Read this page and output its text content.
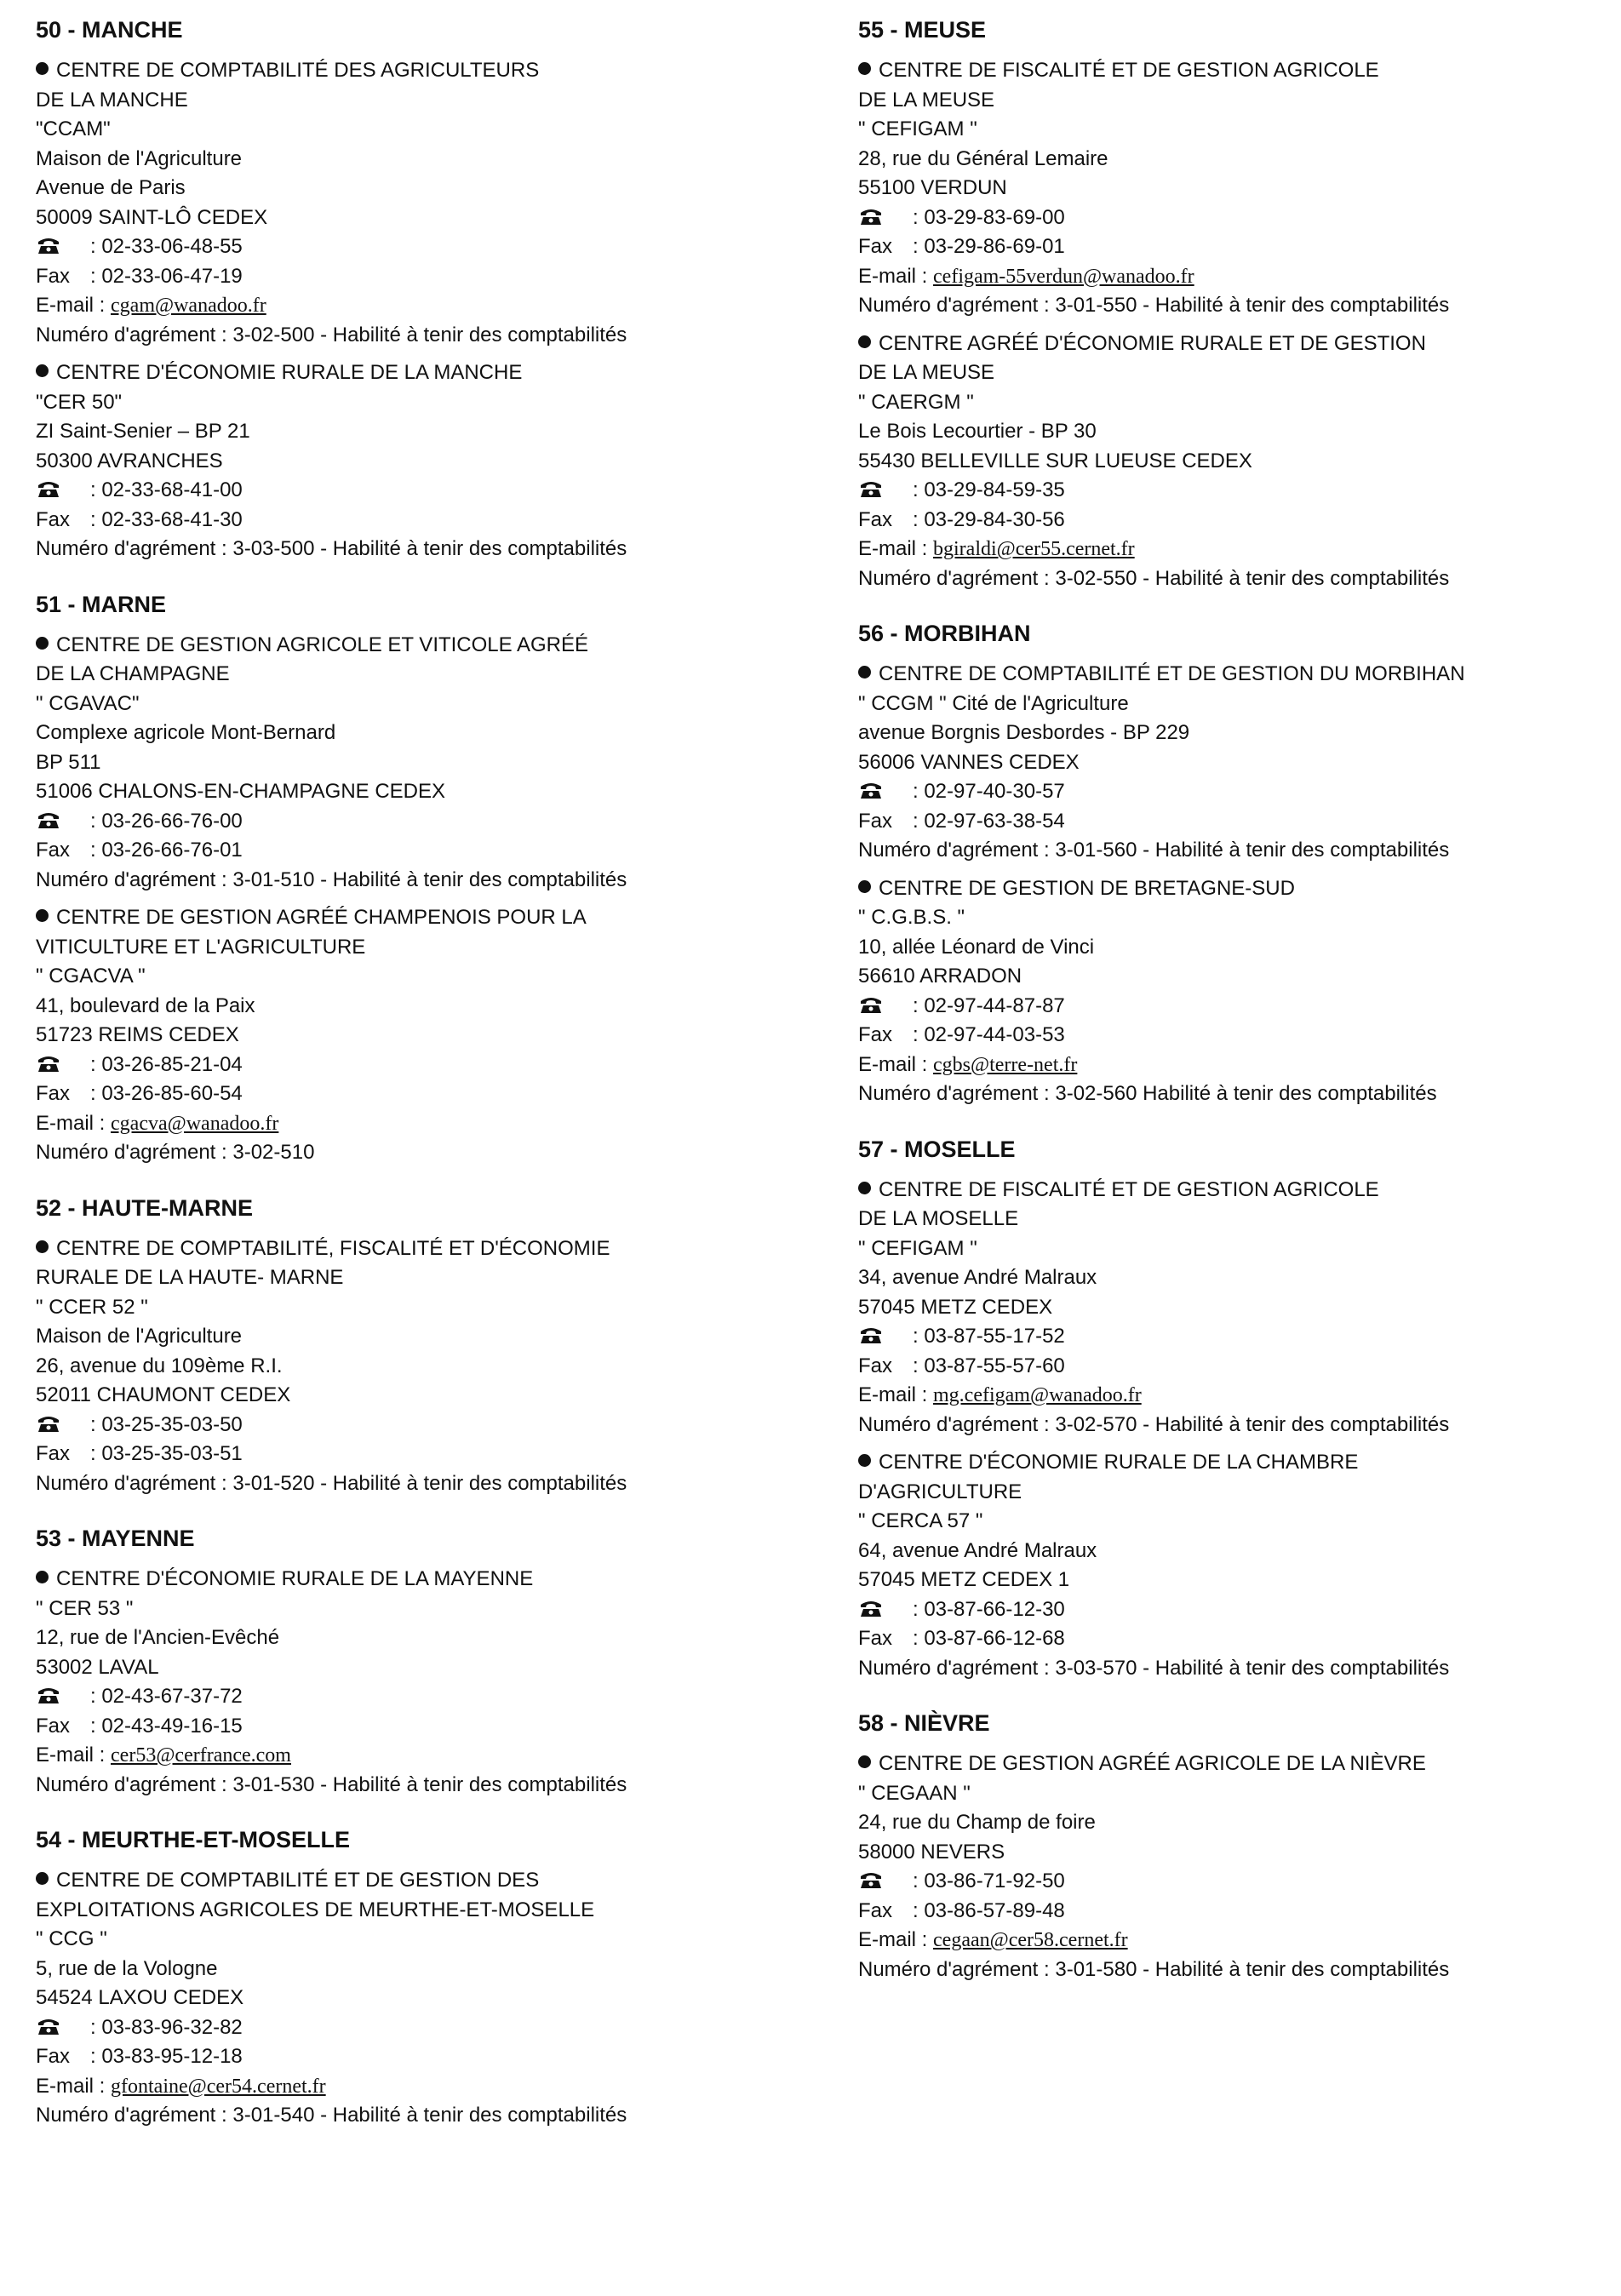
50 - MANCHE
CENTRE DE COMPTABILITÉ DES AGRICULTEURS
DE LA MANCHE
"CCAM"
Maison de l'Agriculture
Avenue de Paris
50009 SAINT-LÔ CEDEX
: 02-33-06-48-55
Fax : 02-33-06-47-19
E-mail : cgam@wanadoo.fr
Numéro d'agrément : 3-02-500 - Habilité à tenir des comptabilités
CENTRE D'ÉCONOMIE RURALE DE LA MANCHE
"CER 50"
ZI Saint-Senier – BP 21
50300 AVRANCHES
: 02-33-68-41-00
Fax : 02-33-68-41-30
Numéro d'agrément : 3-03-500 - Habilité à tenir des comptabilités
51 - MARNE
CENTRE DE GESTION AGRICOLE ET VITICOLE AGRÉÉ
DE LA CHAMPAGNE
" CGAVAC"
Complexe agricole Mont-Bernard
BP 511
51006 CHALONS-EN-CHAMPAGNE CEDEX
: 03-26-66-76-00
Fax : 03-26-66-76-01
Numéro d'agrément : 3-01-510 - Habilité à tenir des comptabilités
CENTRE DE GESTION AGRÉÉ CHAMPENOIS POUR LA
VITICULTURE ET L'AGRICULTURE
" CGACVA "
41, boulevard de la Paix
51723 REIMS CEDEX
: 03-26-85-21-04
Fax : 03-26-85-60-54
E-mail : cgacva@wanadoo.fr
Numéro d'agrément : 3-02-510
52 - HAUTE-MARNE
CENTRE DE COMPTABILITÉ, FISCALITÉ ET D'ÉCONOMIE
RURALE DE LA HAUTE- MARNE
" CCER 52 "
Maison de l'Agriculture
26, avenue du 109ème R.I.
52011 CHAUMONT CEDEX
: 03-25-35-03-50
Fax : 03-25-35-03-51
Numéro d'agrément : 3-01-520 - Habilité à tenir des comptabilités
53 - MAYENNE
CENTRE D'ÉCONOMIE RURALE DE LA MAYENNE
" CER 53 "
12, rue de l'Ancien-Evêché
53002 LAVAL
: 02-43-67-37-72
Fax : 02-43-49-16-15
E-mail : cer53@cerfrance.com
Numéro d'agrément : 3-01-530 - Habilité à tenir des comptabilités
54 - MEURTHE-ET-MOSELLE
CENTRE DE COMPTABILITÉ ET DE GESTION DES
EXPLOITATIONS AGRICOLES DE MEURTHE-ET-MOSELLE
" CCG "
5, rue de la Vologne
54524 LAXOU CEDEX
: 03-83-96-32-82
Fax : 03-83-95-12-18
E-mail : gfontaine@cer54.cernet.fr
Numéro d'agrément : 3-01-540 - Habilité à tenir des comptabilités
55 - MEUSE
CENTRE DE FISCALITÉ ET DE GESTION AGRICOLE
DE LA MEUSE
" CEFIGAM "
28, rue du Général Lemaire
55100 VERDUN
: 03-29-83-69-00
Fax : 03-29-86-69-01
E-mail : cefigam-55verdun@wanadoo.fr
Numéro d'agrément : 3-01-550 - Habilité à tenir des comptabilités
CENTRE AGRÉÉ D'ÉCONOMIE RURALE ET DE GESTION
DE LA MEUSE
" CAERGM "
Le Bois Lecourtier - BP 30
55430 BELLEVILLE SUR LUEUSE CEDEX
: 03-29-84-59-35
Fax : 03-29-84-30-56
E-mail : bgiraldi@cer55.cernet.fr
Numéro d'agrément : 3-02-550 - Habilité à tenir des comptabilités
56 - MORBIHAN
CENTRE DE COMPTABILITÉ ET DE GESTION DU MORBIHAN
" CCGM " Cité de l'Agriculture
avenue Borgnis Desbordes - BP 229
56006 VANNES CEDEX
: 02-97-40-30-57
Fax : 02-97-63-38-54
Numéro d'agrément : 3-01-560 - Habilité à tenir des comptabilités
CENTRE DE GESTION DE BRETAGNE-SUD
" C.G.B.S. "
10, allée Léonard de Vinci
56610 ARRADON
: 02-97-44-87-87
Fax : 02-97-44-03-53
E-mail : cgbs@terre-net.fr
Numéro d'agrément : 3-02-560 Habilité à tenir des comptabilités
57 - MOSELLE
CENTRE DE FISCALITÉ ET DE GESTION AGRICOLE
DE LA MOSELLE
" CEFIGAM "
34, avenue André Malraux
57045 METZ CEDEX
: 03-87-55-17-52
Fax : 03-87-55-57-60
E-mail : mg.cefigam@wanadoo.fr
Numéro d'agrément : 3-02-570 - Habilité à tenir des comptabilités
CENTRE D'ÉCONOMIE RURALE DE LA CHAMBRE
D'AGRICULTURE
" CERCA 57 "
64, avenue André Malraux
57045 METZ CEDEX 1
: 03-87-66-12-30
Fax : 03-87-66-12-68
Numéro d'agrément : 3-03-570 - Habilité à tenir des comptabilités
58 - NIÈVRE
CENTRE DE GESTION AGRÉÉ AGRICOLE DE LA NIÈVRE
" CEGAAN "
24, rue du Champ de foire
58000 NEVERS
: 03-86-71-92-50
Fax : 03-86-57-89-48
E-mail : cegaan@cer58.cernet.fr
Numéro d'agrément : 3-01-580 - Habilité à tenir des comptabilités
